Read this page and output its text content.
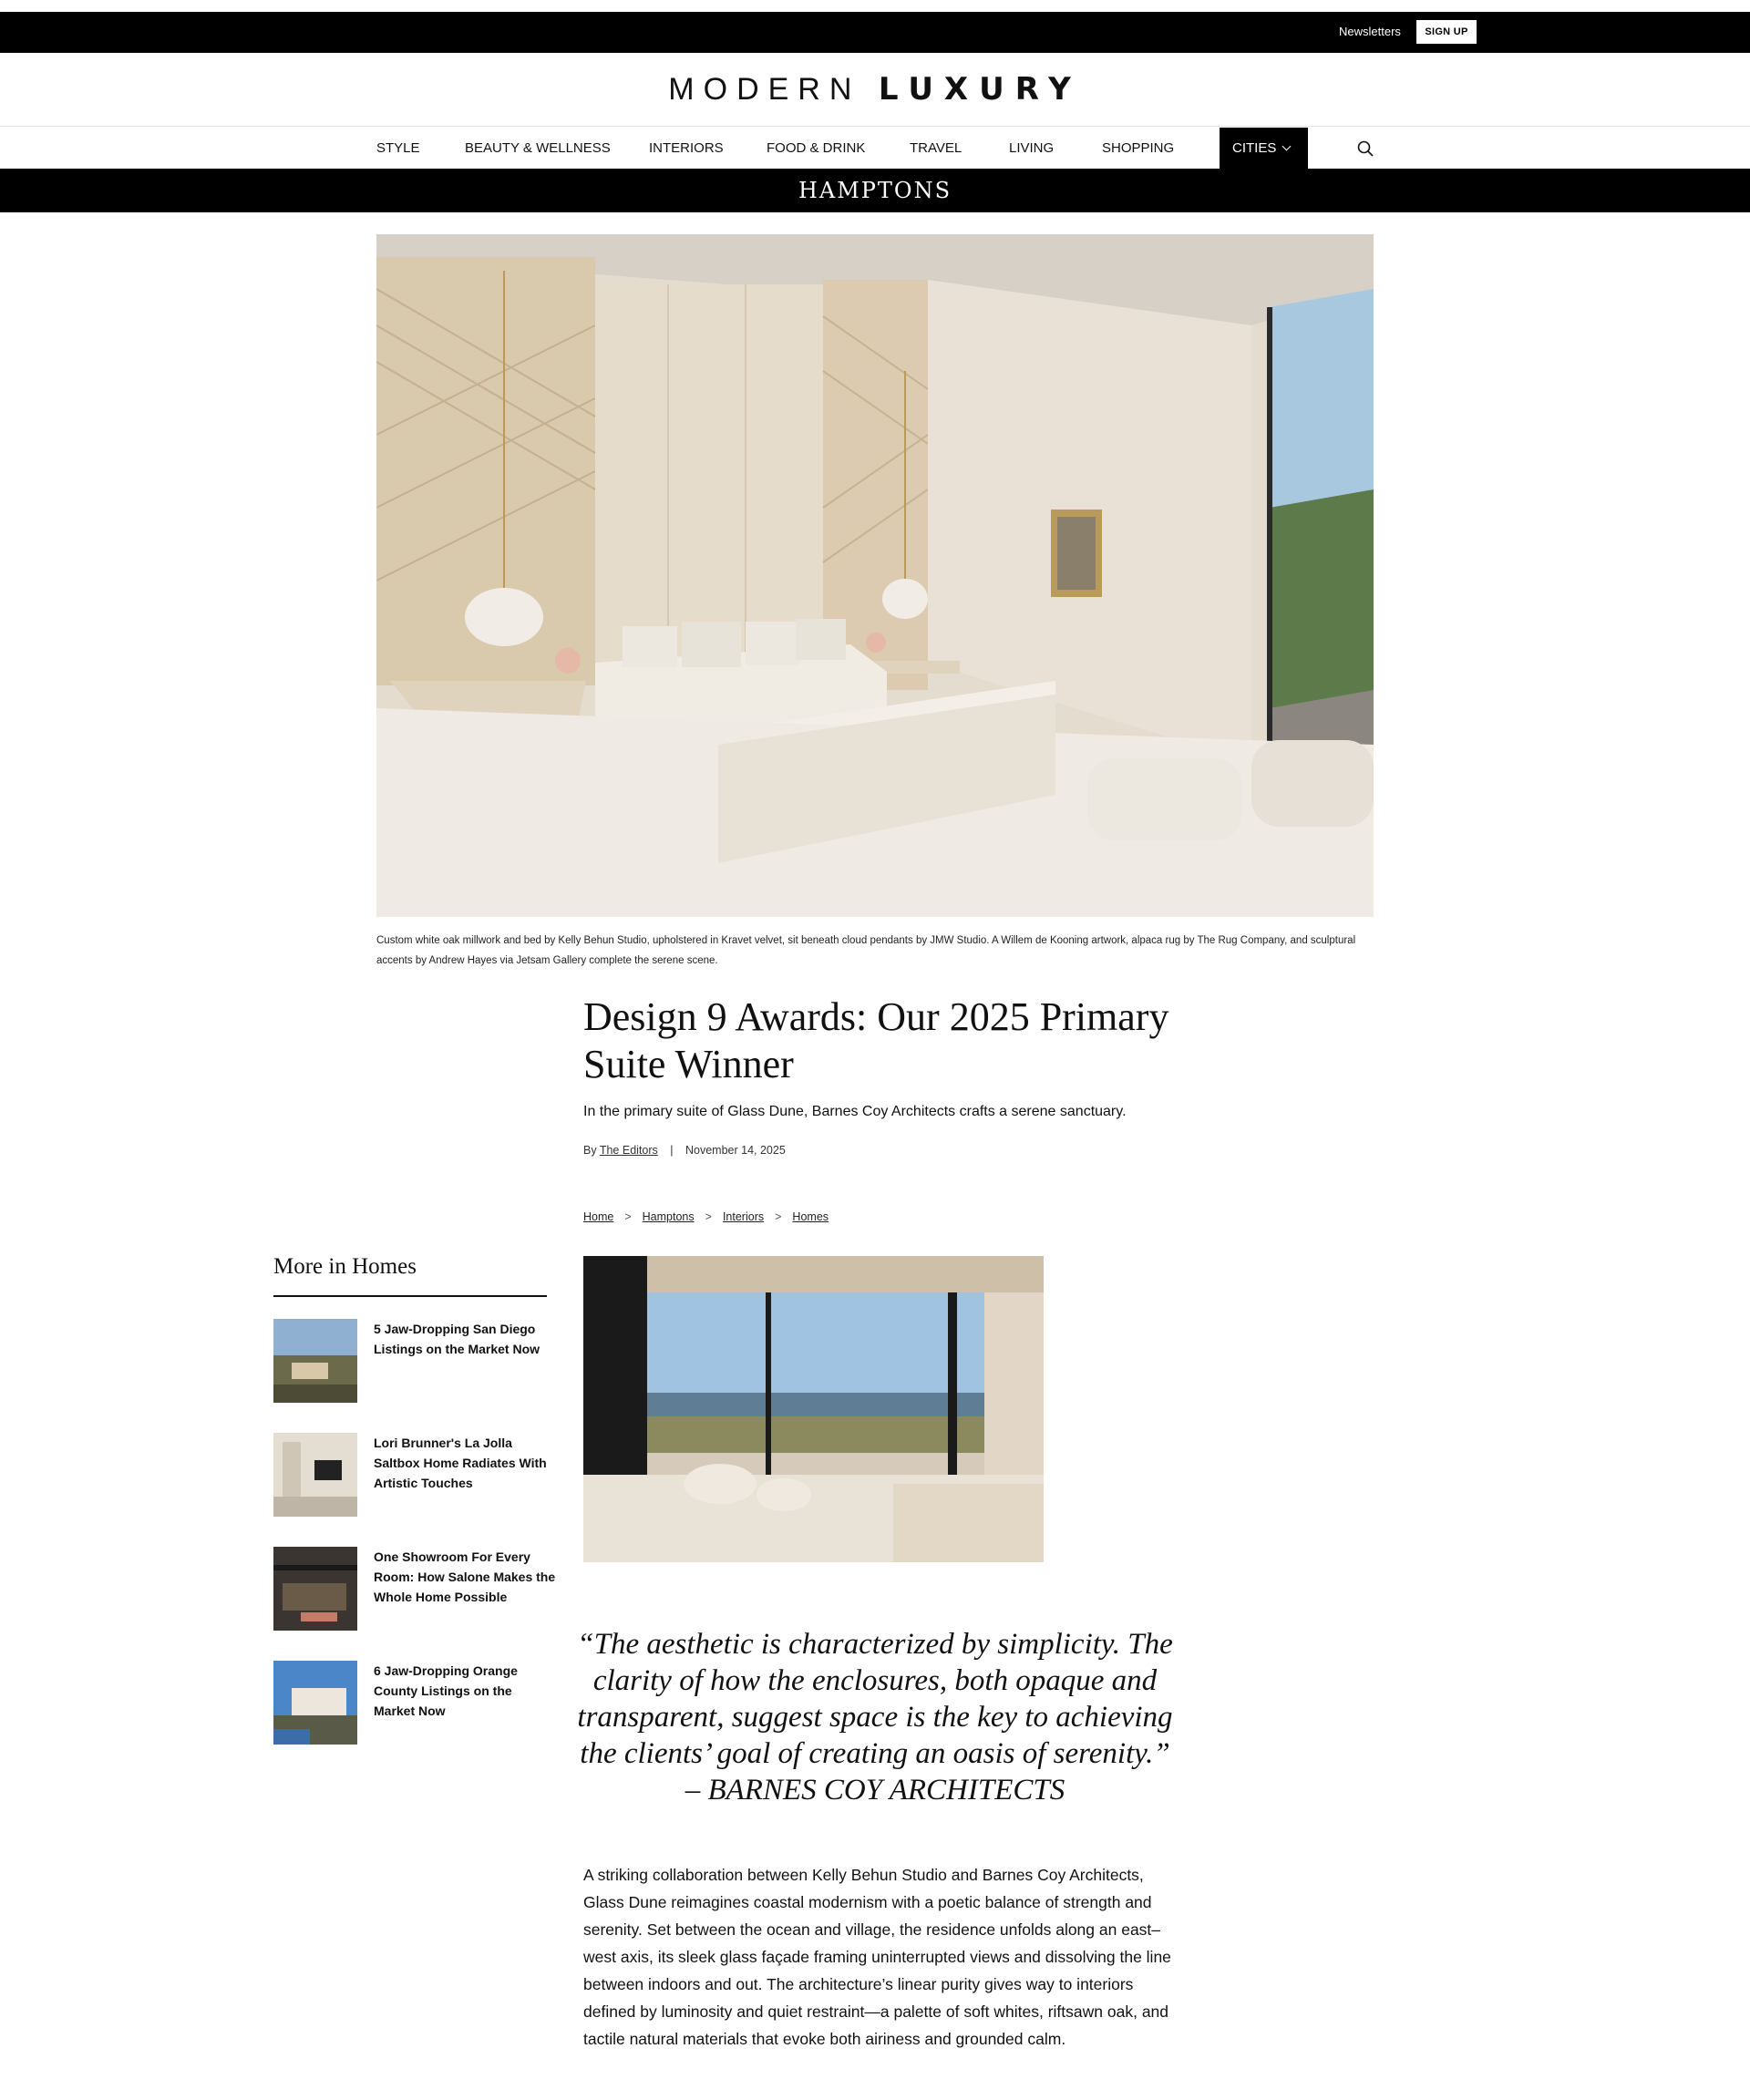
Newsletters	SIGN UP
MODERN LUXURY
STYLE	BEAUTY & WELLNESS	INTERIORS	FOOD & DRINK	TRAVEL	LIVING	SHOPPING	CITIES
HAMPTONS
Custom white oak millwork and bed by Kelly Behun Studio, upholstered in Kravet velvet, sit beneath cloud pendants by JMW Studio. A Willem de Kooning artwork, alpaca rug by The Rug Company, and sculptural accents by Andrew Hayes via Jetsam Gallery complete the serene scene.
Design 9 Awards: Our 2025 Primary Suite Winner
In the primary suite of Glass Dune, Barnes Coy Architects crafts a serene sanctuary.
By The Editors | November 14, 2025
Home > Hamptons > Interiors > Homes
More in Homes
5 Jaw-Dropping San Diego Listings on the Market Now
Lori Brunner's La Jolla Saltbox Home Radiates With Artistic Touches
One Showroom For Every Room: How Salone Makes the Whole Home Possible
6 Jaw-Dropping Orange County Listings on the Market Now
“The aesthetic is characterized by simplicity. The clarity of how the enclosures, both opaque and transparent, suggest space is the key to achieving the clients’ goal of creating an oasis of serenity.” – BARNES COY ARCHITECTS
A striking collaboration between Kelly Behun Studio and Barnes Coy Architects, Glass Dune reimagines coastal modernism with a poetic balance of strength and serenity. Set between the ocean and village, the residence unfolds along an east–west axis, its sleek glass façade framing uninterrupted views and dissolving the line between indoors and out. The architecture’s linear purity gives way to interiors defined by luminosity and quiet restraint—a palette of soft whites, riftsawn oak, and tactile natural materials that evoke both airiness and grounded calm.
